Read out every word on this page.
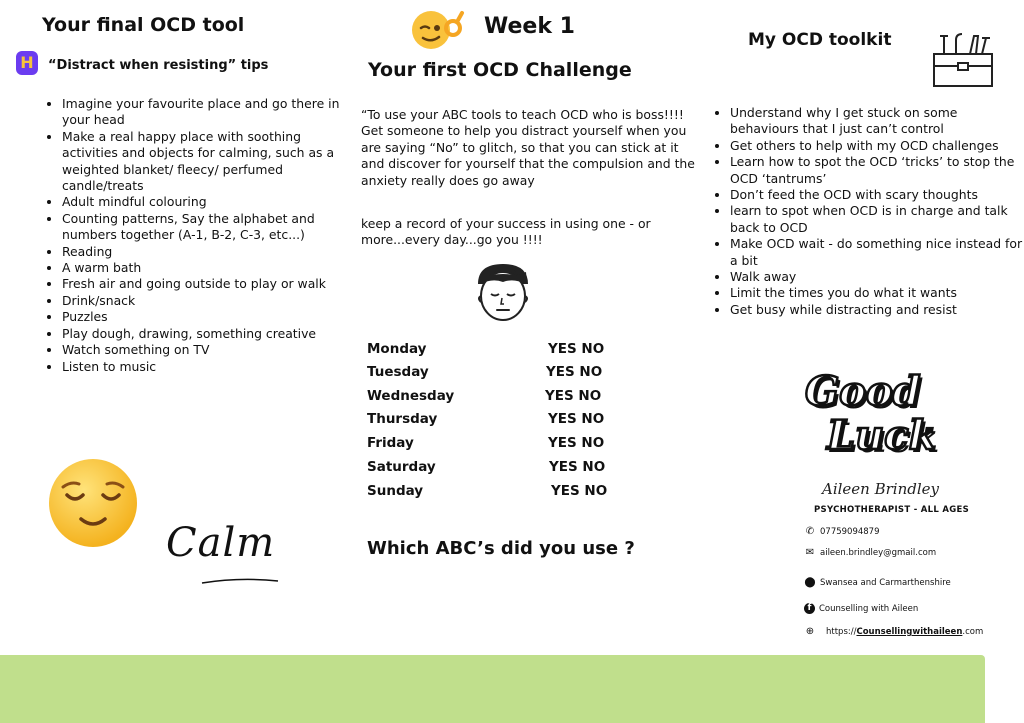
Your final OCD tool
H	“Distract when resisting” tips
• Imagine your favourite place and go there in your head
• Make a real happy place with soothing activities and objects for calming, such as a weighted blanket/ fleecy/ perfumed candle/treats
• Adult mindful colouring
• Counting patterns, Say the alphabet and numbers together (A-1, B-2, C-3, etc...)
• Reading
• A warm bath
• Fresh air and going outside to play or walk
• Drink/snack
• Puzzles
• Play dough, drawing, something creative
• Watch something on TV
• Listen to music
Calm
Week 1
Your first OCD Challenge
“To use your ABC tools to teach OCD who is boss!!!! Get someone to help you distract yourself when you are saying “No” to glitch, so that you can stick at it and discover for yourself that the compulsion and the anxiety really does go away
keep a record of your success in using one - or more...every day...go you !!!!
Monday	YES NO
Tuesday	YES NO
Wednesday	YES NO
Thursday	YES NO
Friday	YES NO
Saturday	YES NO
Sunday	YES NO
Which ABC’s did you use ?
My OCD toolkit
• Understand why I get stuck on some behaviours that I just can’t control
• Get others to help with my OCD challenges
• Learn how to spot the OCD ‘tricks’ to stop the OCD ‘tantrums’
• Don’t feed the OCD with scary thoughts
• learn to spot when OCD is in charge and talk back to OCD
• Make OCD wait - do something nice instead for a bit
• Walk away
• Limit the times you do what it wants
• Get busy while distracting and resist
Good
Luck
Aileen Brindley
PSYCHOTHERAPIST - ALL AGES
✆ 07759094879
✉ aileen.brindley@gmail.com
⬤ Swansea and Carmarthenshire
f Counselling with Aileen
⊕ https://Counsellingwithaileen.com
